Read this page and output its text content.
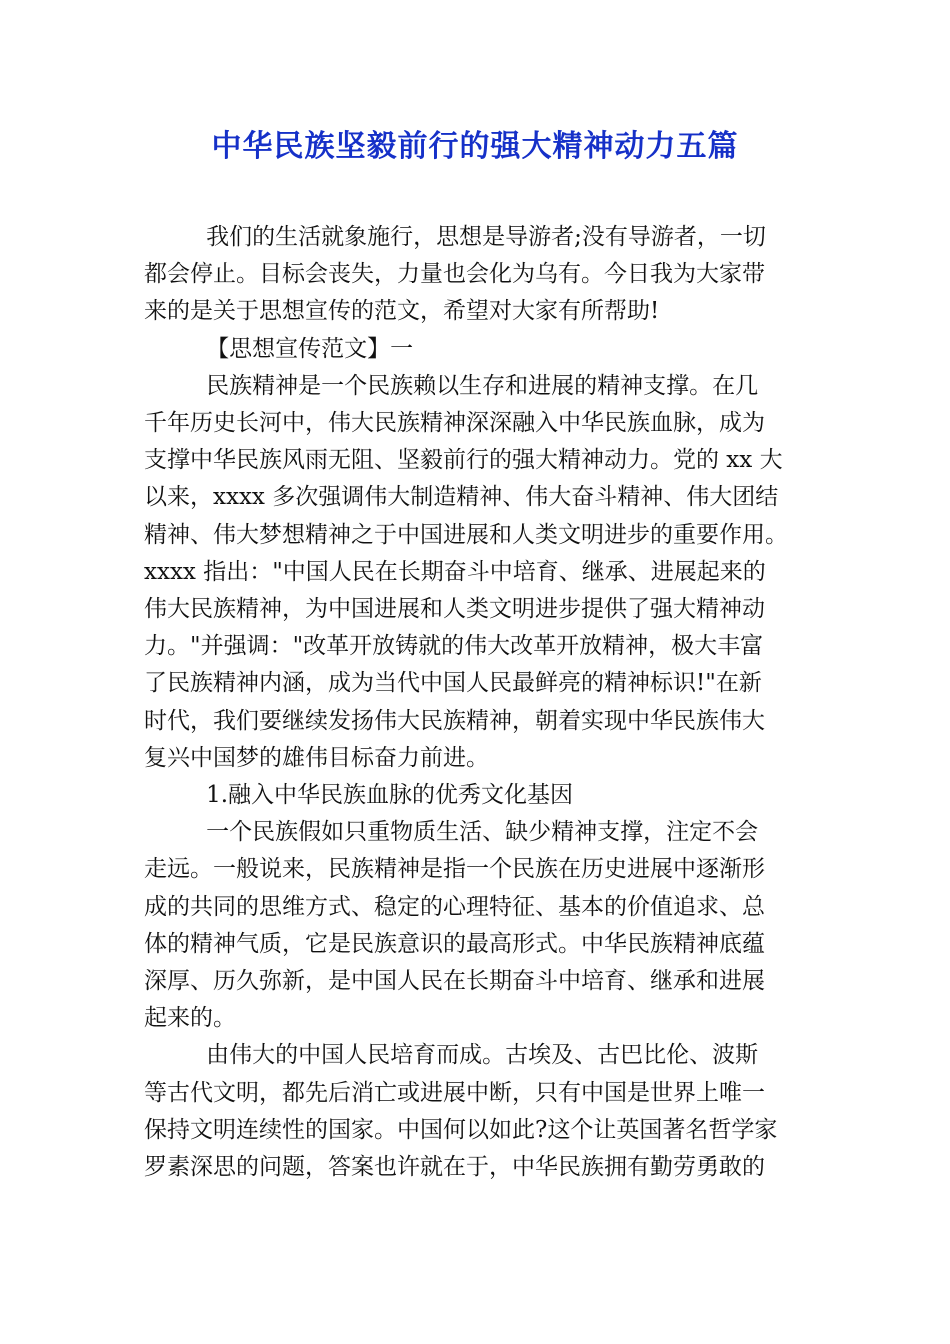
中华民族坚毅前行的强大精神动力五篇

我们的生活就象施行，思想是导游者;没有导游者，一切
都会停止。目标会丧失，力量也会化为乌有。今日我为大家带
来的是关于思想宣传的范文，希望对大家有所帮助!

【思想宣传范文】一

民族精神是一个民族赖以生存和进展的精神支撑。在几
千年历史长河中，伟大民族精神深深融入中华民族血脉，成为
支撑中华民族风雨无阻、坚毅前行的强大精神动力。党的 xx 大
以来，xxxx 多次强调伟大制造精神、伟大奋斗精神、伟大团结
精神、伟大梦想精神之于中国进展和人类文明进步的重要作用。
xxxx 指出："中国人民在长期奋斗中培育、继承、进展起来的
伟大民族精神，为中国进展和人类文明进步提供了强大精神动
力。"并强调："改革开放铸就的伟大改革开放精神，极大丰富
了民族精神内涵，成为当代中国人民最鲜亮的精神标识!"在新
时代，我们要继续发扬伟大民族精神，朝着实现中华民族伟大
复兴中国梦的雄伟目标奋力前进。

1.融入中华民族血脉的优秀文化基因

一个民族假如只重物质生活、缺少精神支撑，注定不会
走远。一般说来，民族精神是指一个民族在历史进展中逐渐形
成的共同的思维方式、稳定的心理特征、基本的价值追求、总
体的精神气质，它是民族意识的最高形式。中华民族精神底蕴
深厚、历久弥新，是中国人民在长期奋斗中培育、继承和进展
起来的。

由伟大的中国人民培育而成。古埃及、古巴比伦、波斯
等古代文明，都先后消亡或进展中断，只有中国是世界上唯一
保持文明连续性的国家。中国何以如此?这个让英国著名哲学家
罗素深思的问题，答案也许就在于，中华民族拥有勤劳勇敢的
